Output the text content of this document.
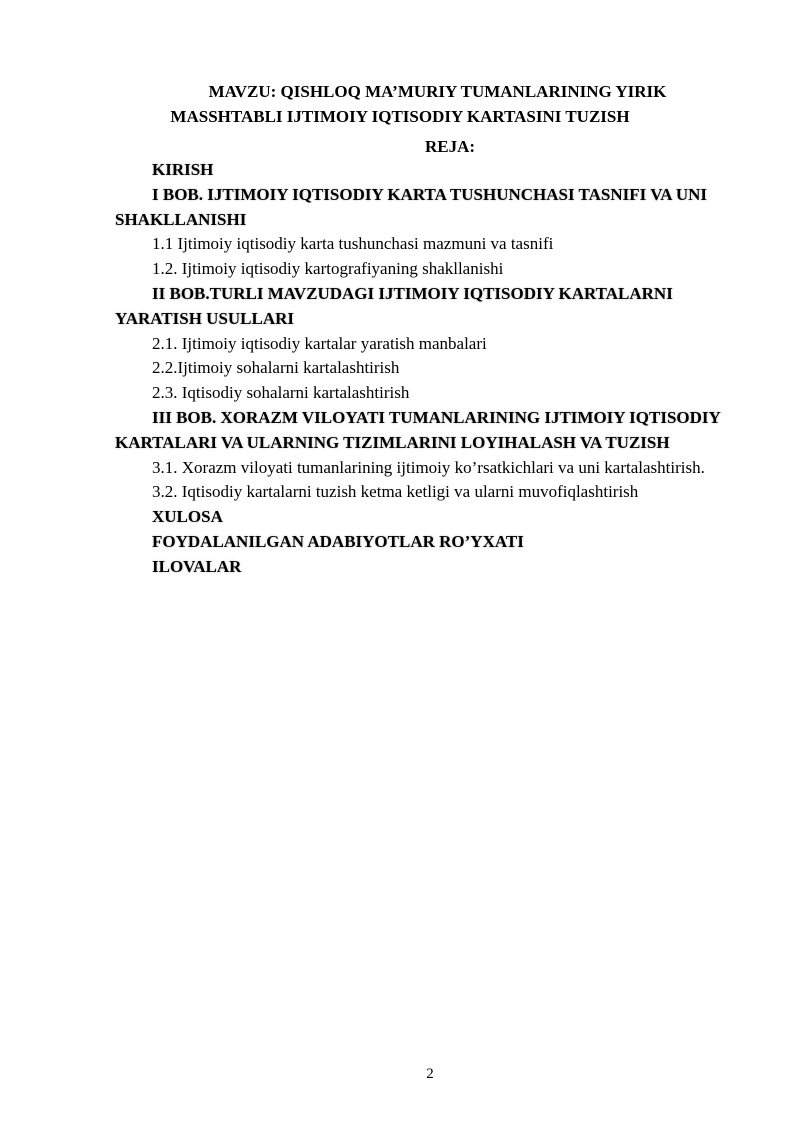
MAVZU: QISHLOQ MA’MURIY TUMANLARINING YIRIK
MASSHTABLI IJTIMOIY IQTISODIY KARTASINI TUZISH
REJA:

KIRISH

I BOB. IJTIMOIY IQTISODIY KARTA TUSHUNCHASI TASNIFI VA UNI SHAKLLANISHI

1.1 Ijtimoiy iqtisodiy karta tushunchasi mazmuni va tasnifi

1.2. Ijtimoiy iqtisodiy kartografiyaning shakllanishi

II BOB.TURLI MAVZUDAGI IJTIMOIY IQTISODIY KARTALARNI YARATISH USULLARI

2.1. Ijtimoiy iqtisodiy kartalar yaratish manbalari

2.2.Ijtimoiy sohalarni kartalashtirish

2.3. Iqtisodiy sohalarni kartalashtirish

III BOB. XORAZM VILOYATI TUMANLARINING IJTIMOIY IQTISODIY KARTALARI VA ULARNING TIZIMLARINI LOYIHALASH VA TUZISH

3.1. Xorazm viloyati tumanlarining ijtimoiy ko’rsatkichlari va uni kartalashtirish.

3.2. Iqtisodiy kartalarni tuzish ketma ketligi va ularni muvofiqlashtirish

XULOSA

FOYDALANILGAN ADABIYOTLAR RO’YXATI

ILOVALAR

2
